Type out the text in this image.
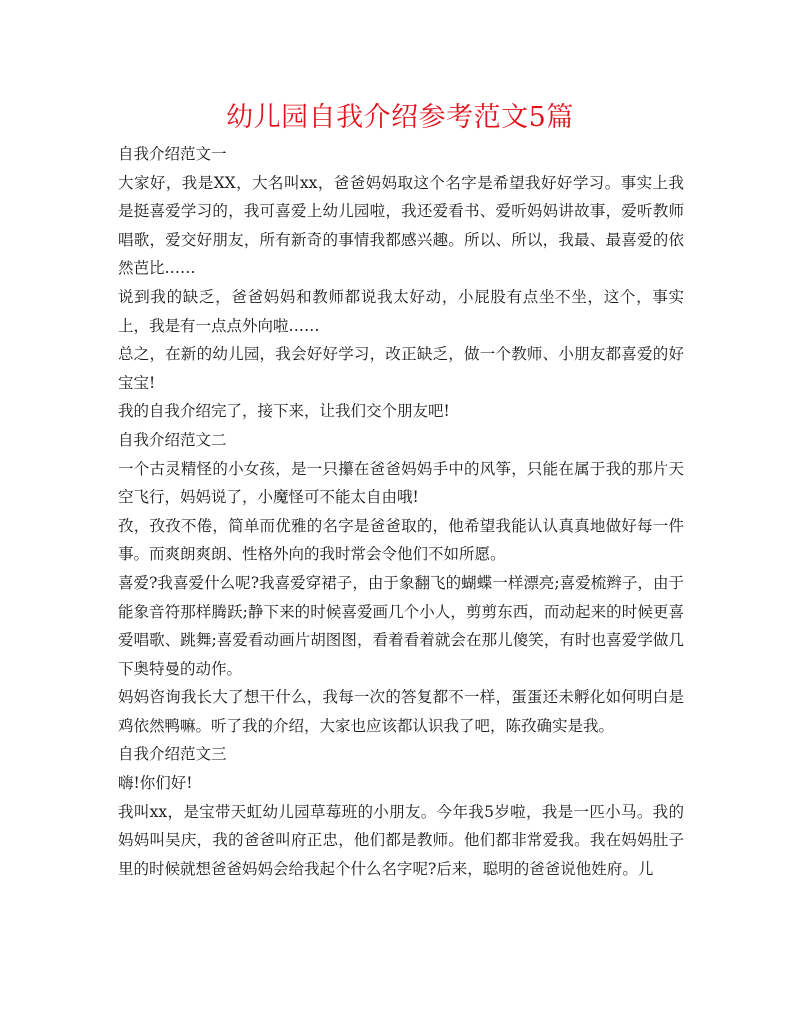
幼儿园自我介绍参考范文5篇

自我介绍范文一

大家好，我是XX，大名叫xx，爸爸妈妈取这个名字是希望我好好学习。事实上我是挺喜爱学习的，我可喜爱上幼儿园啦，我还爱看书、爱听妈妈讲故事，爱听教师唱歌，爱交好朋友，所有新奇的事情我都感兴趣。所以、所以，我最、最喜爱的依然芭比……

说到我的缺乏，爸爸妈妈和教师都说我太好动，小屁股有点坐不坐，这个，事实上，我是有一点点外向啦……

总之，在新的幼儿园，我会好好学习，改正缺乏，做一个教师、小朋友都喜爱的好宝宝!

我的自我介绍完了，接下来，让我们交个朋友吧!

自我介绍范文二

一个古灵精怪的小女孩，是一只攥在爸爸妈妈手中的风筝，只能在属于我的那片天空飞行，妈妈说了，小魔怪可不能太自由哦!

孜，孜孜不倦，简单而优雅的名字是爸爸取的，他希望我能认认真真地做好每一件事。而爽朗爽朗、性格外向的我时常会令他们不如所愿。

喜爱?我喜爱什么呢?我喜爱穿裙子，由于象翻飞的蝴蝶一样漂亮;喜爱梳辫子，由于能象音符那样腾跃;静下来的时候喜爱画几个小人，剪剪东西，而动起来的时候更喜爱唱歌、跳舞;喜爱看动画片胡图图，看着看着就会在那儿傻笑，有时也喜爱学做几下奥特曼的动作。

妈妈咨询我长大了想干什么，我每一次的答复都不一样，蛋蛋还未孵化如何明白是鸡依然鸭嘛。听了我的介绍，大家也应该都认识我了吧，陈孜确实是我。

自我介绍范文三

嗨!你们好!

我叫xx，是宝带天虹幼儿园草莓班的小朋友。今年我5岁啦，我是一匹小马。我的妈妈叫吴庆，我的爸爸叫府正忠，他们都是教师。他们都非常爱我。我在妈妈肚子里的时候就想爸爸妈妈会给我起个什么名字呢?后来，聪明的爸爸说他姓府。儿
